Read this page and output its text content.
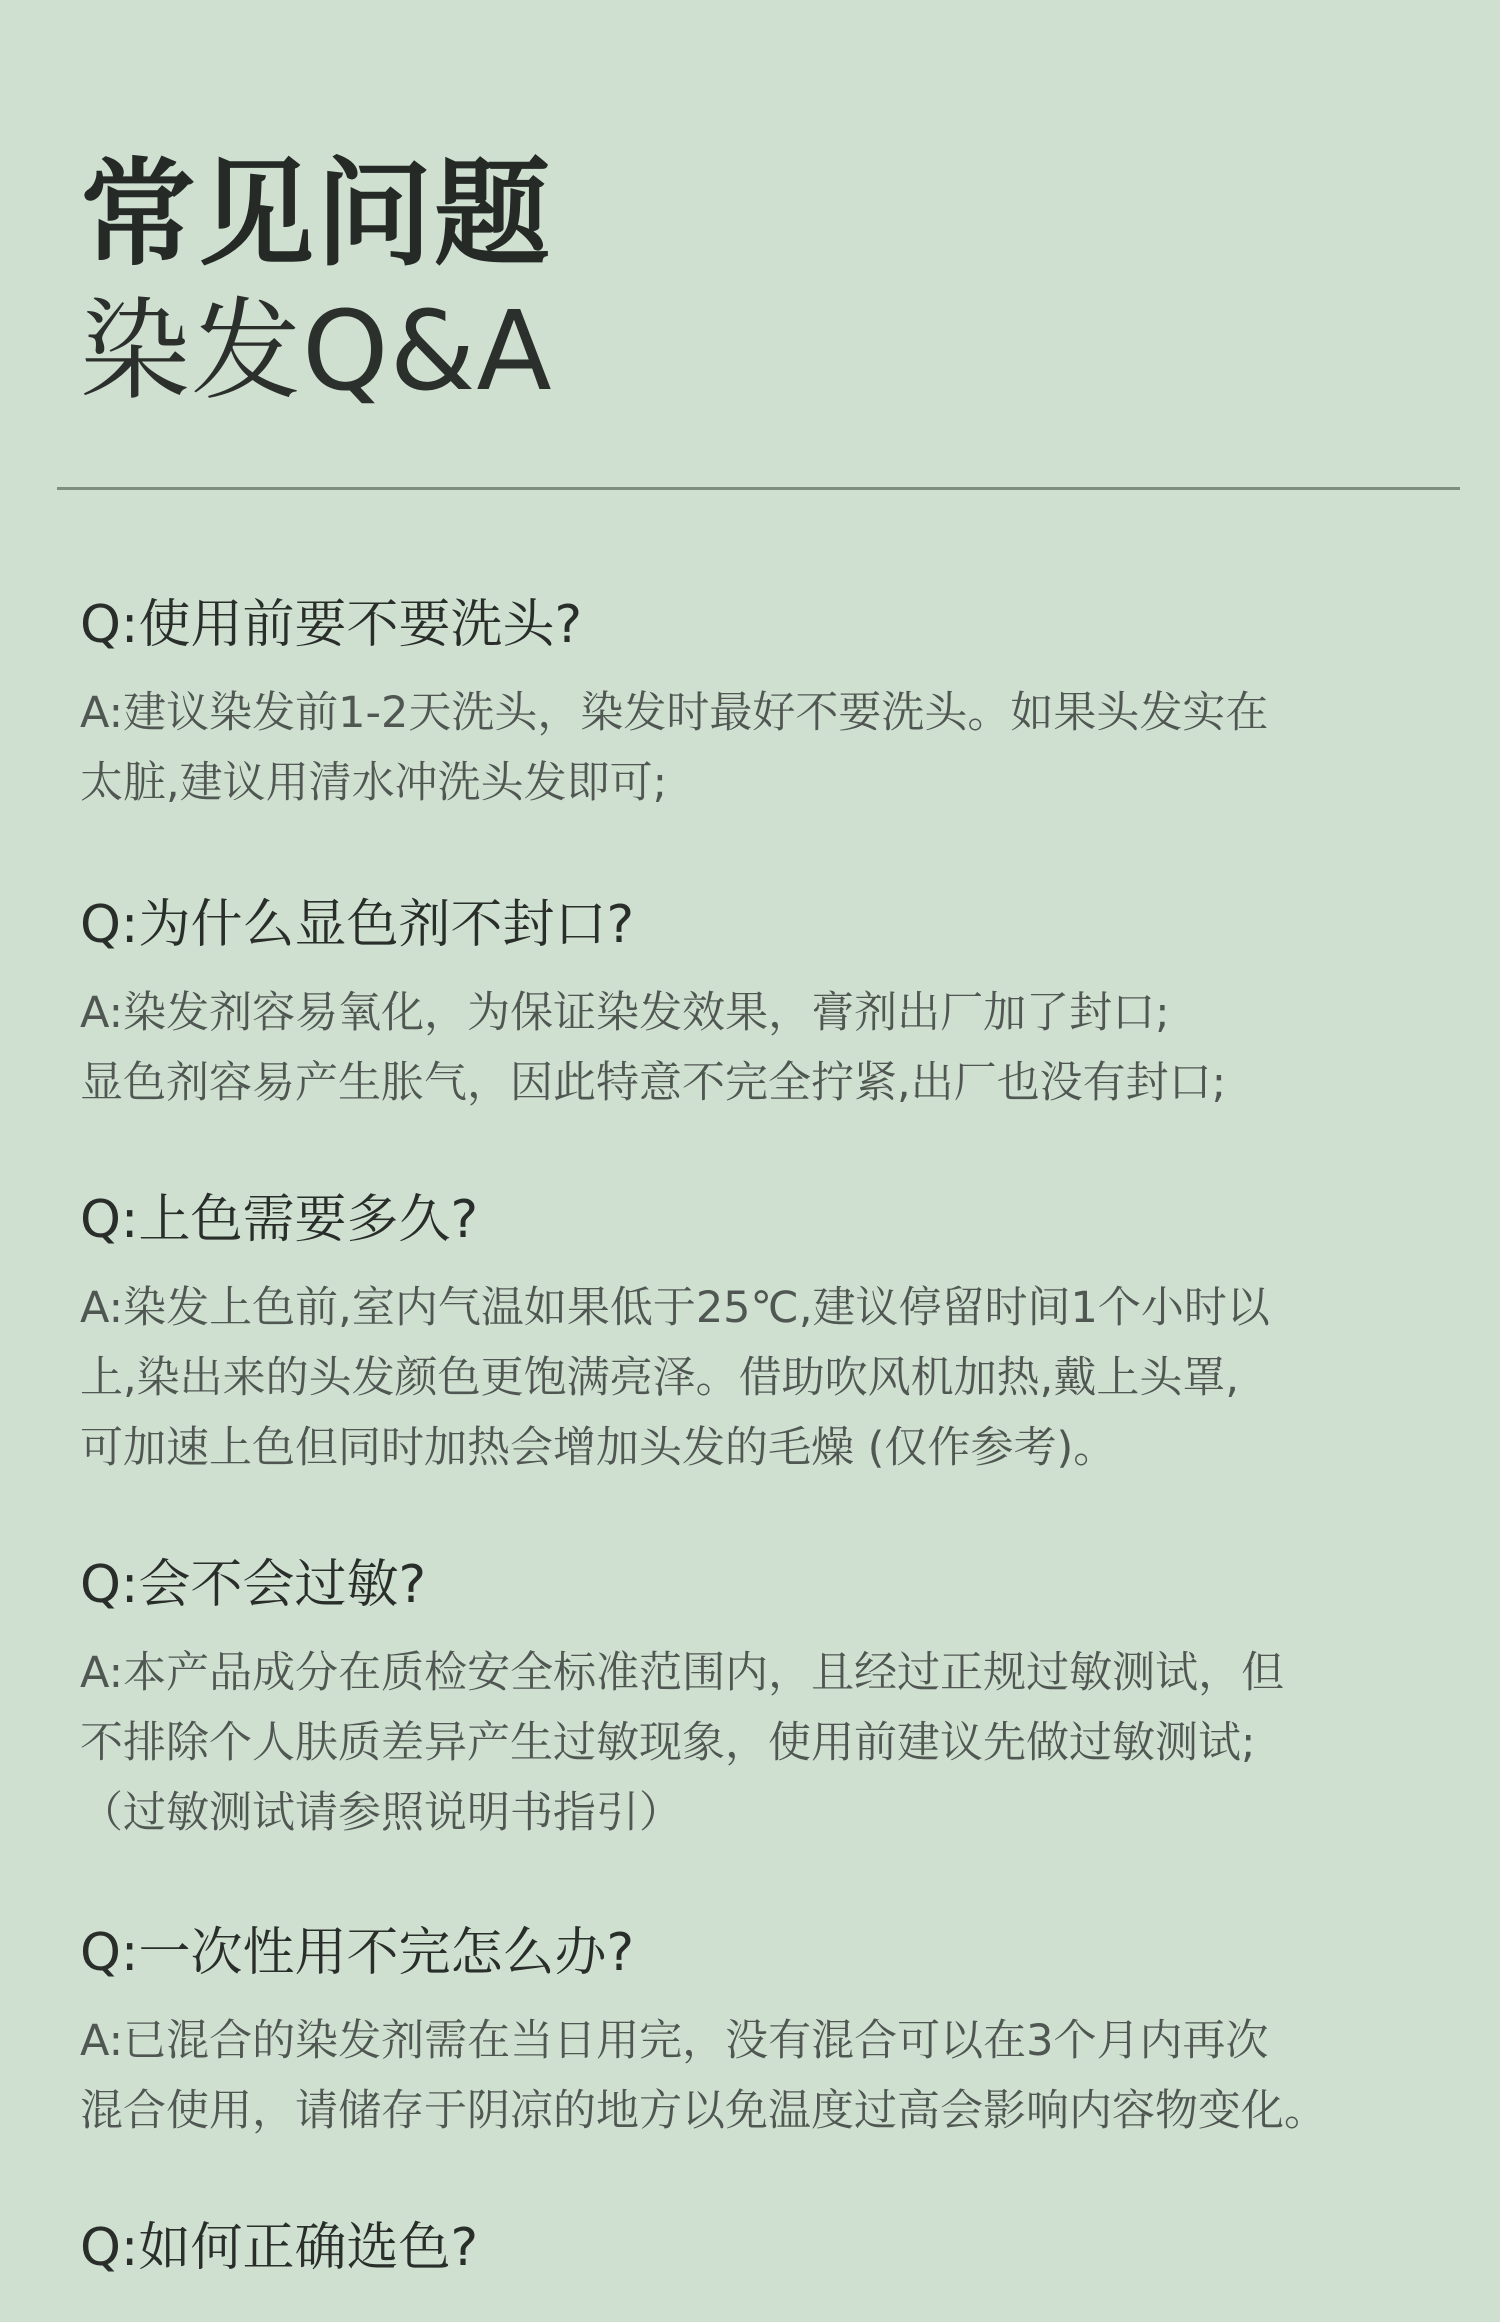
常见问题
染发Q&A

Q:使用前要不要洗头?

A:建议染发前1-2天洗头，染发时最好不要洗头。如果头发实在
太脏,建议用清水冲洗头发即可;

Q:为什么显色剂不封口?

A:染发剂容易氧化，为保证染发效果，膏剂出厂加了封口;
显色剂容易产生胀气，因此特意不完全拧紧,出厂也没有封口;

Q:上色需要多久?

A:染发上色前,室内气温如果低于25℃,建议停留时间1个小时以
上,染出来的头发颜色更饱满亮泽。借助吹风机加热,戴上头罩,
可加速上色但同时加热会增加头发的毛燥 (仅作参考)。

Q:会不会过敏?

A:本产品成分在质检安全标准范围内，且经过正规过敏测试，但
不排除个人肤质差异产生过敏现象，使用前建议先做过敏测试;
（过敏测试请参照说明书指引）

Q:一次性用不完怎么办?

A:已混合的染发剂需在当日用完，没有混合可以在3个月内再次
混合使用，请储存于阴凉的地方以免温度过高会影响内容物变化。

Q:如何正确选色?
